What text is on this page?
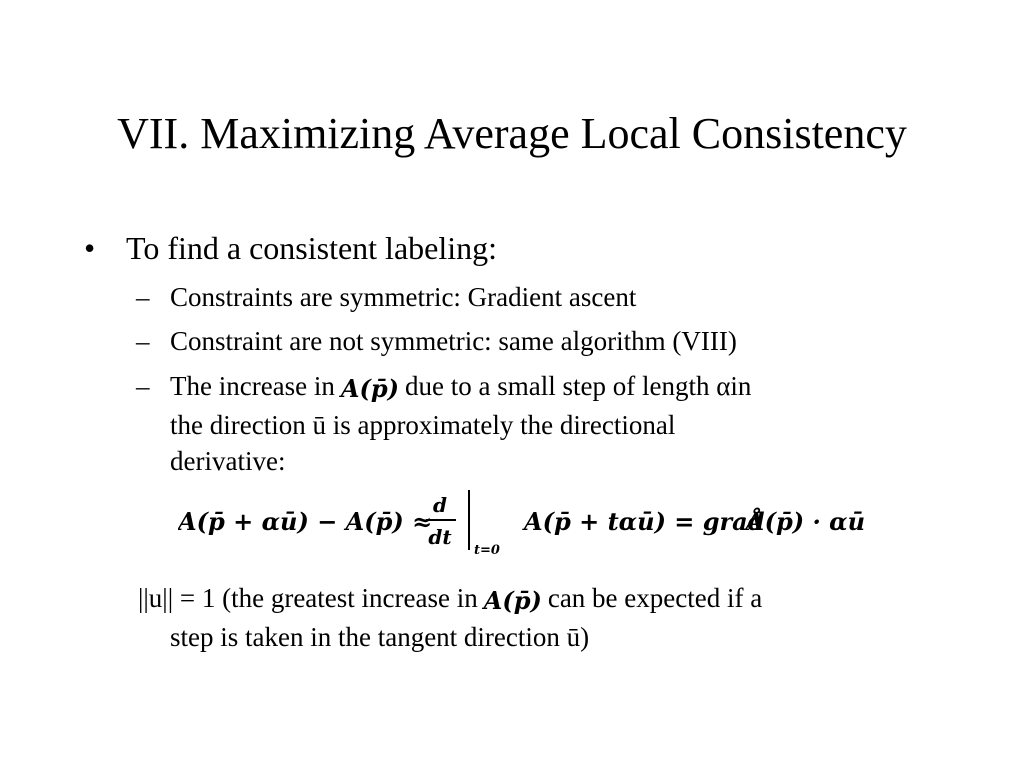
VII. Maximizing Average Local Consistency
• To find a consistent labeling:
– Constraints are symmetric: Gradient ascent
– Constraint are not symmetric: same algorithm (VIII)
– The increase in A(p̄) due to a small step of length αin
the direction ū is approximately the directional
derivative:
A(p̄ + αū) − A(p̄) ≈
d
dt
t=0
A(p̄ + tαū) = grad
Å(p̄) · αū
||u|| = 1 (the greatest increase in A(p̄) can be expected if a
step is taken in the tangent direction ū)
